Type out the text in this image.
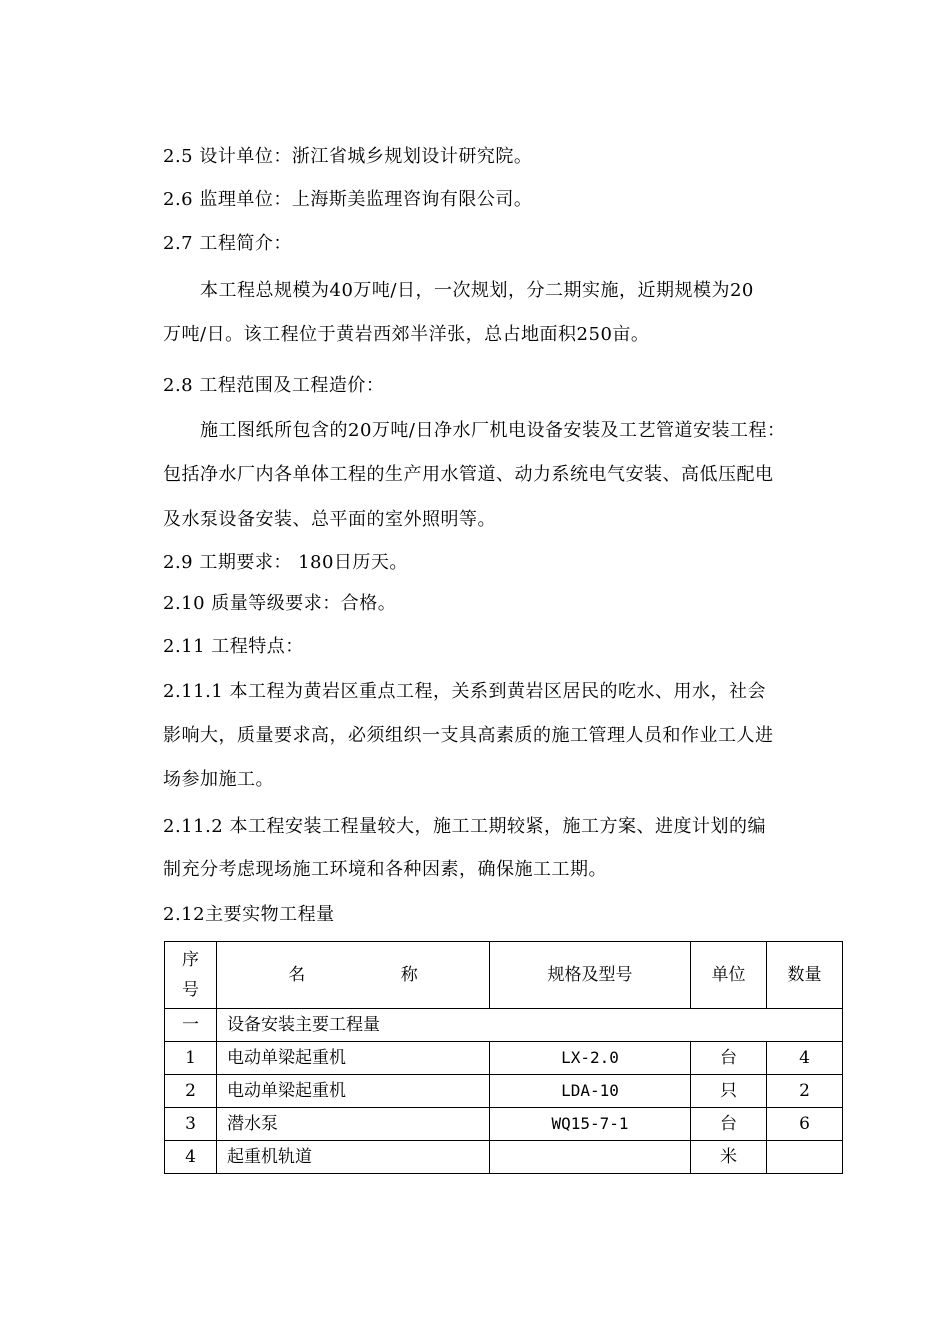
2.5 设计单位：浙江省城乡规划设计研究院。
2.6 监理单位：上海斯美监理咨询有限公司。
2.7 工程简介：
本工程总规模为40万吨/日，一次规划，分二期实施，近期规模为20
万吨/日。该工程位于黄岩西郊半洋张，总占地面积250亩。
2.8 工程范围及工程造价：
施工图纸所包含的20万吨/日净水厂机电设备安装及工艺管道安装工程：
包括净水厂内各单体工程的生产用水管道、动力系统电气安装、高低压配电
及水泵设备安装、总平面的室外照明等。
2.9 工期要求： 180日历天。
2.10 质量等级要求：合格。
2.11 工程特点：
2.11.1 本工程为黄岩区重点工程，关系到黄岩区居民的吃水、用水，社会
影响大，质量要求高，必须组织一支具高素质的施工管理人员和作业工人进
场参加施工。
2.11.2 本工程安装工程量较大，施工工期较紧，施工方案、进度计划的编
制充分考虑现场施工环境和各种因素，确保施工工期。
2.12主要实物工程量
序
号	名 称	规格及型号	单位	数量
一	设备安装主要工程量			
1	电动单梁起重机	LX-2.0	台	4
2	电动单梁起重机	LDA-10	只	2
3	潜水泵	WQ15-7-1	台	6
4	起重机轨道		米	
